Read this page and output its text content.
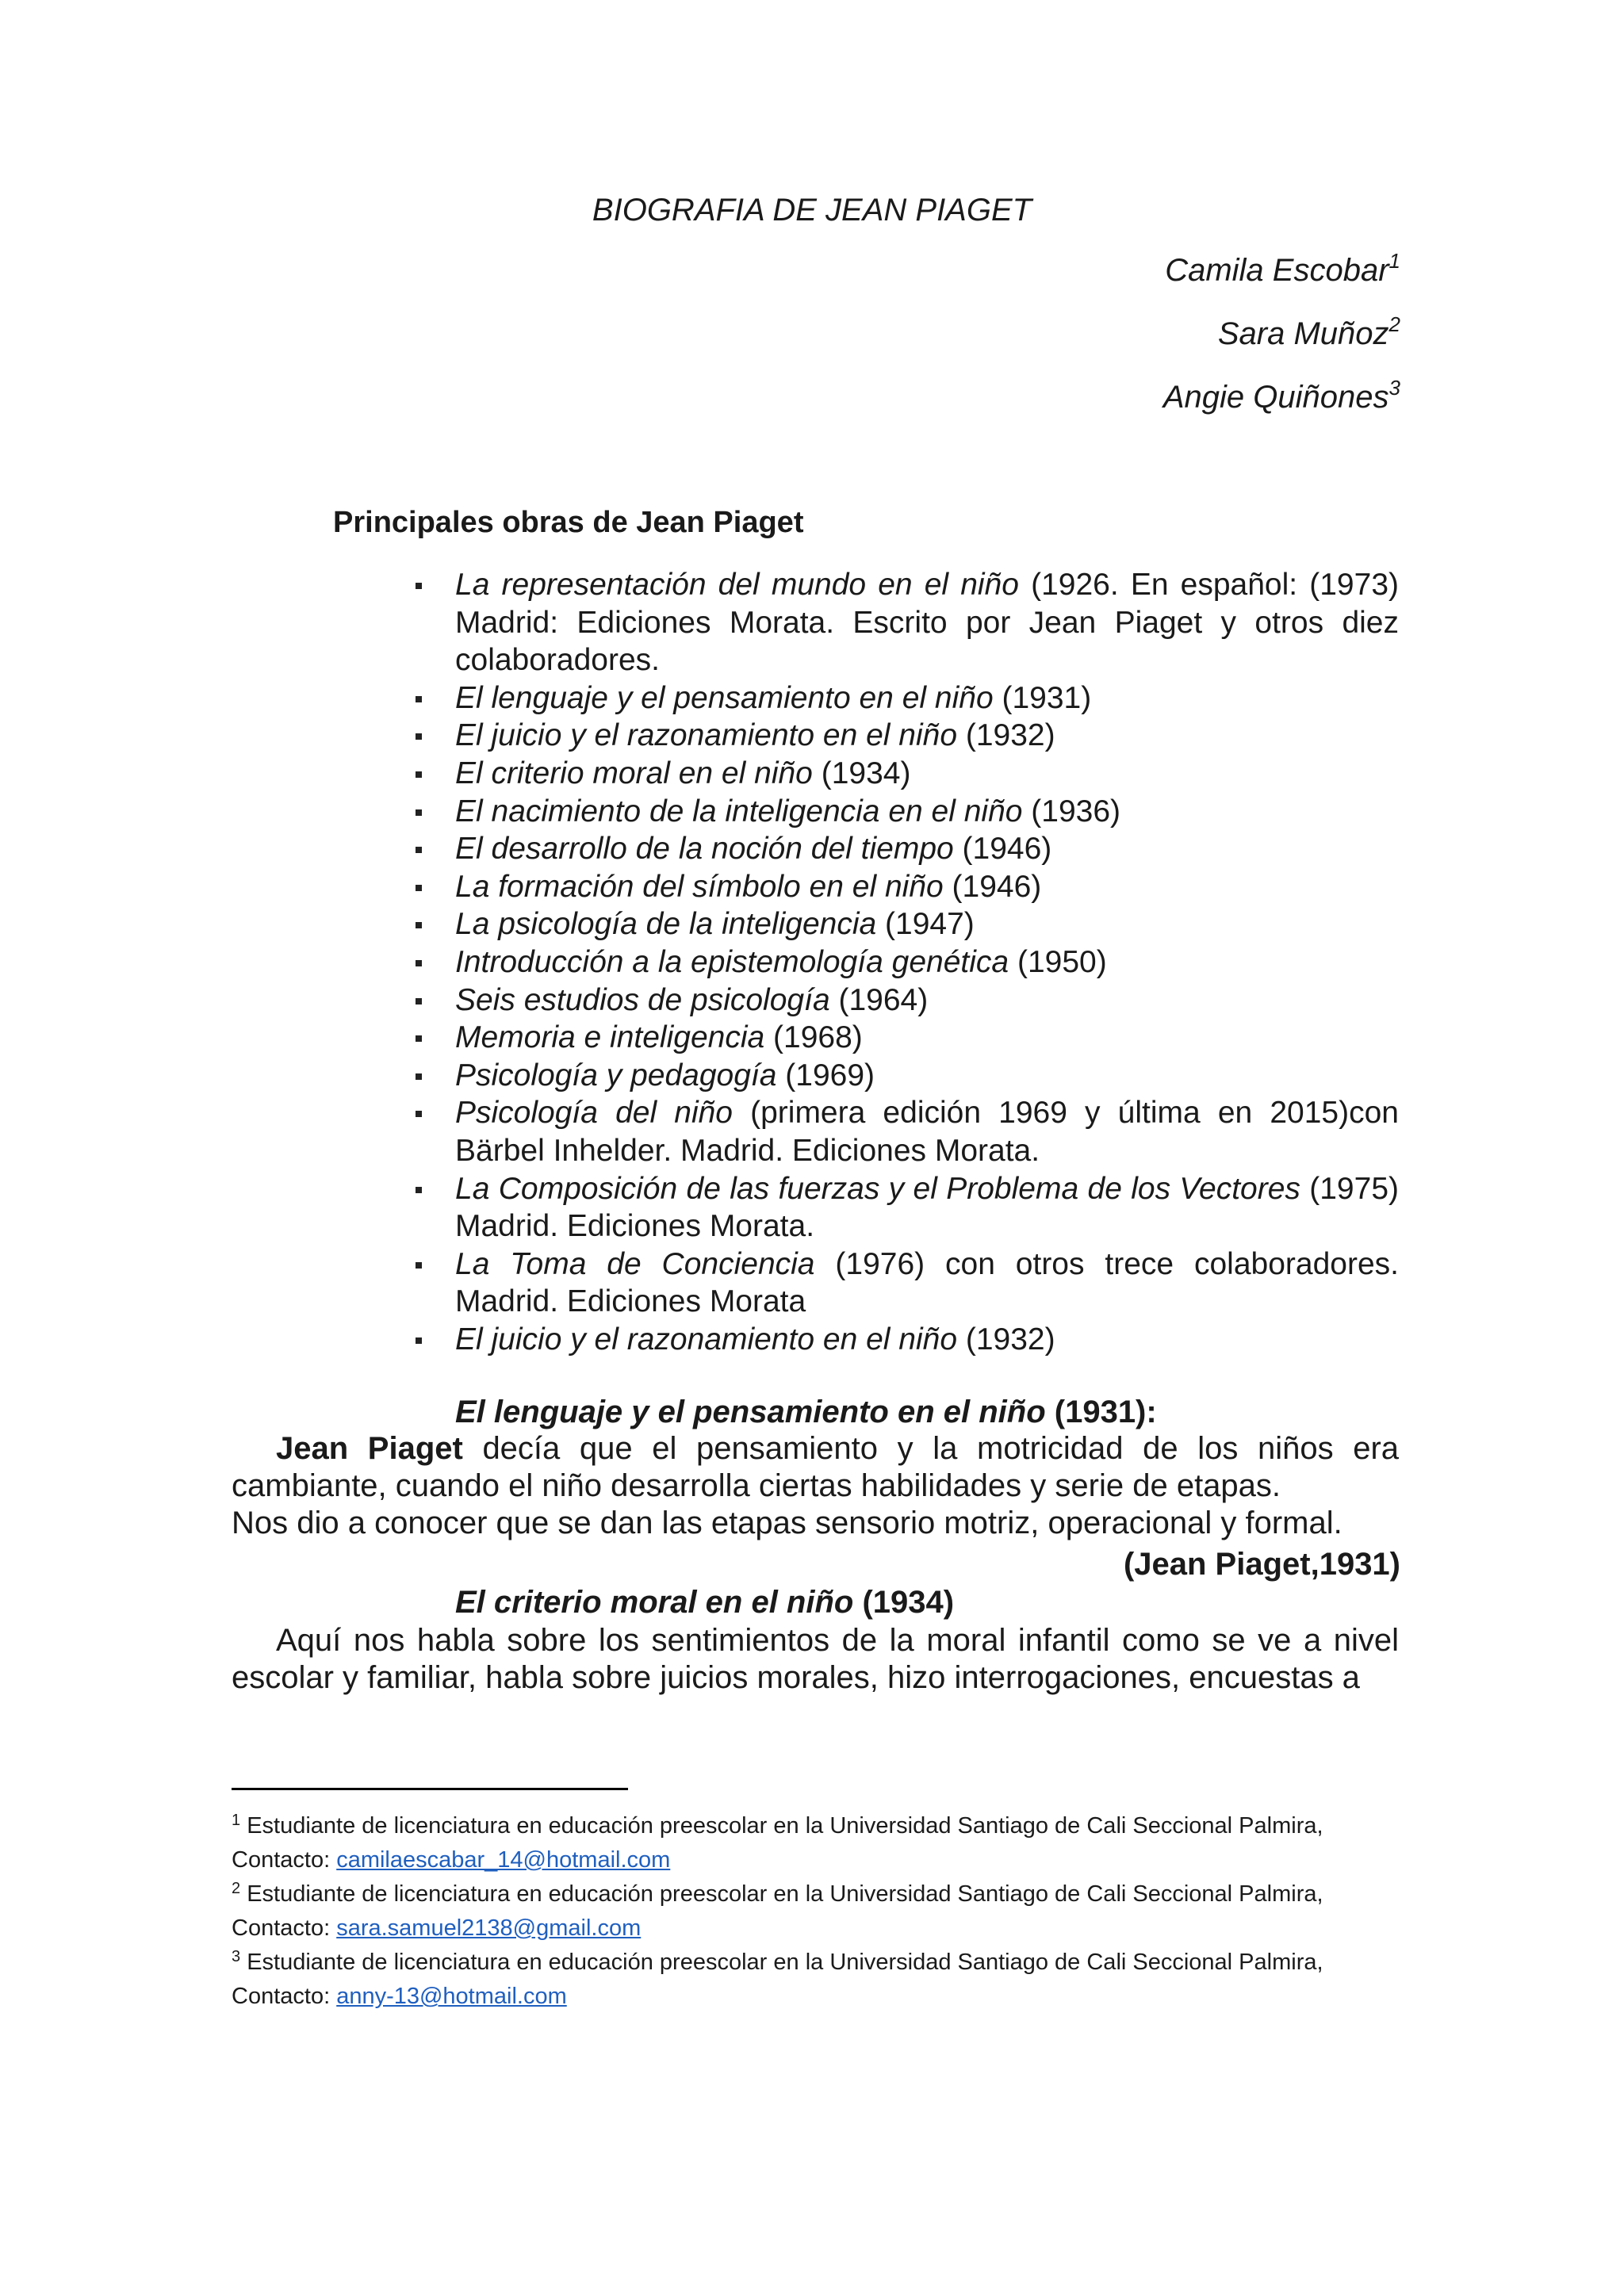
BIOGRAFIA DE JEAN PIAGET
Camila Escobar$^1$
Sara Muñoz$^2$
Angie Quiñones$^3$
Principales obras de Jean Piaget
La representación del mundo en el niño (1926. En español: (1973) Madrid: Ediciones Morata. Escrito por Jean Piaget y otros diez colaboradores.
El lenguaje y el pensamiento en el niño (1931)
El juicio y el razonamiento en el niño (1932)
El criterio moral en el niño (1934)
El nacimiento de la inteligencia en el niño (1936)
El desarrollo de la noción del tiempo (1946)
La formación del símbolo en el niño (1946)
La psicología de la inteligencia (1947)
Introducción a la epistemología genética (1950)
Seis estudios de psicología (1964)
Memoria e inteligencia (1968)
Psicología y pedagogía (1969)
Psicología del niño (primera edición 1969 y última en 2015)con Bärbel Inhelder. Madrid. Ediciones Morata.
La Composición de las fuerzas y el Problema de los Vectores (1975) Madrid. Ediciones Morata.
La Toma de Conciencia (1976) con otros trece colaboradores. Madrid. Ediciones Morata
El juicio y el razonamiento en el niño (1932)
El lenguaje y el pensamiento en el niño (1931):
Jean Piaget decía que el pensamiento y la motricidad de los niños era cambiante, cuando el niño desarrolla ciertas habilidades y serie de etapas.
Nos dio a conocer que se dan las etapas sensorio motriz, operacional y formal.
(Jean Piaget,1931)
El criterio moral en el niño (1934)
Aquí nos habla sobre los sentimientos de la moral infantil como se ve a nivel escolar y familiar, habla sobre juicios morales, hizo interrogaciones, encuestas a
$^1$ Estudiante de licenciatura en educación preescolar en la Universidad Santiago de Cali Seccional Palmira, Contacto: camilaescabar_14@hotmail.com
$^2$ Estudiante de licenciatura en educación preescolar en la Universidad Santiago de Cali Seccional Palmira, Contacto: sara.samuel2138@gmail.com
$^3$ Estudiante de licenciatura en educación preescolar en la Universidad Santiago de Cali Seccional Palmira, Contacto: anny-13@hotmail.com
